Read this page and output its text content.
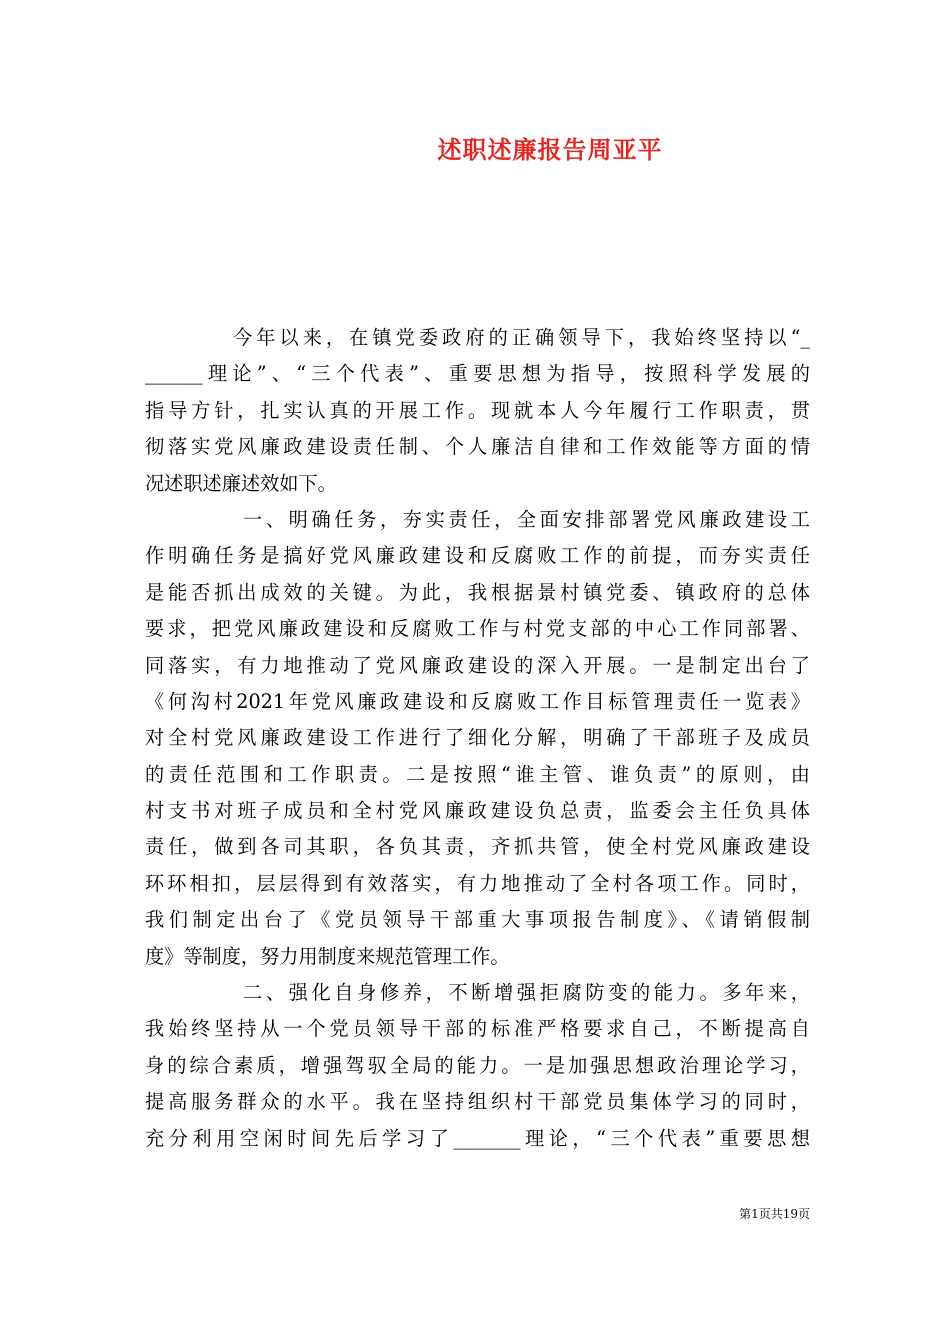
述职述廉报告周亚平
今年以来，在镇党委政府的正确领导下，我始终坚持以“_
______理论”、“三个代表”、重要思想为指导，按照科学发展的
指导方针，扎实认真的开展工作。现就本人今年履行工作职责，贯
彻落实党风廉政建设责任制、个人廉洁自律和工作效能等方面的情
况述职述廉述效如下。
一、明确任务，夯实责任，全面安排部署党风廉政建设工
作明确任务是搞好党风廉政建设和反腐败工作的前提，而夯实责任
是能否抓出成效的关键。为此，我根据景村镇党委、镇政府的总体
要求，把党风廉政建设和反腐败工作与村党支部的中心工作同部署、
同落实，有力地推动了党风廉政建设的深入开展。一是制定出台了
《何沟村2021年党风廉政建设和反腐败工作目标管理责任一览表》
对全村党风廉政建设工作进行了细化分解，明确了干部班子及成员
的责任范围和工作职责。二是按照“谁主管、谁负责”的原则，由
村支书对班子成员和全村党风廉政建设负总责，监委会主任负具体
责任，做到各司其职，各负其责，齐抓共管，使全村党风廉政建设
环环相扣，层层得到有效落实，有力地推动了全村各项工作。同时，
我们制定出台了《党员领导干部重大事项报告制度》、《请销假制
度》等制度，努力用制度来规范管理工作。
二、强化自身修养，不断增强拒腐防变的能力。多年来，
我始终坚持从一个党员领导干部的标准严格要求自己，不断提高自
身的综合素质，增强驾驭全局的能力。一是加强思想政治理论学习，
提高服务群众的水平。我在坚持组织村干部党员集体学习的同时，
充分利用空闲时间先后学习了_______理论，“三个代表”重要思想
第1页共19页
